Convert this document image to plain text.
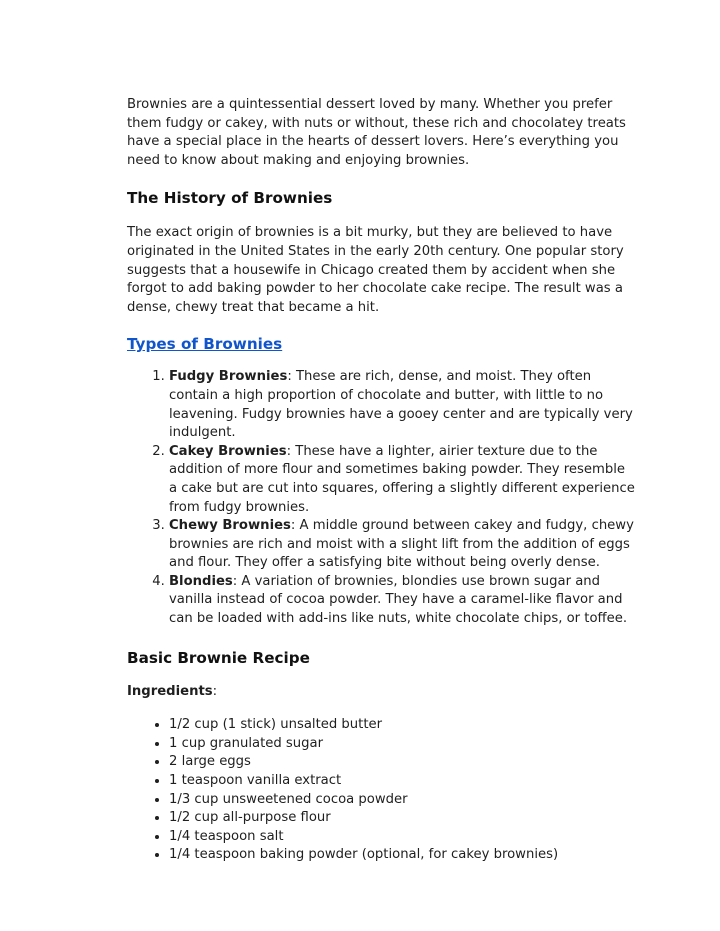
Brownies are a quintessential dessert loved by many. Whether you prefer them fudgy or cakey, with nuts or without, these rich and chocolatey treats have a special place in the hearts of dessert lovers. Here’s everything you need to know about making and enjoying brownies.

The History of Brownies

The exact origin of brownies is a bit murky, but they are believed to have originated in the United States in the early 20th century. One popular story suggests that a housewife in Chicago created them by accident when she forgot to add baking powder to her chocolate cake recipe. The result was a dense, chewy treat that became a hit.

Types of Brownies
1. Fudgy Brownies: These are rich, dense, and moist. They often contain a high proportion of chocolate and butter, with little to no leavening. Fudgy brownies have a gooey center and are typically very indulgent.
2. Cakey Brownies: These have a lighter, airier texture due to the addition of more flour and sometimes baking powder. They resemble a cake but are cut into squares, offering a slightly different experience from fudgy brownies.
3. Chewy Brownies: A middle ground between cakey and fudgy, chewy brownies are rich and moist with a slight lift from the addition of eggs and flour. They offer a satisfying bite without being overly dense.
4. Blondies: A variation of brownies, blondies use brown sugar and vanilla instead of cocoa powder. They have a caramel-like flavor and can be loaded with add-ins like nuts, white chocolate chips, or toffee.
Basic Brownie Recipe

Ingredients:

• 1/2 cup (1 stick) unsalted butter
• 1 cup granulated sugar
• 2 large eggs
• 1 teaspoon vanilla extract
• 1/3 cup unsweetened cocoa powder
• 1/2 cup all-purpose flour
• 1/4 teaspoon salt
• 1/4 teaspoon baking powder (optional, for cakey brownies)
